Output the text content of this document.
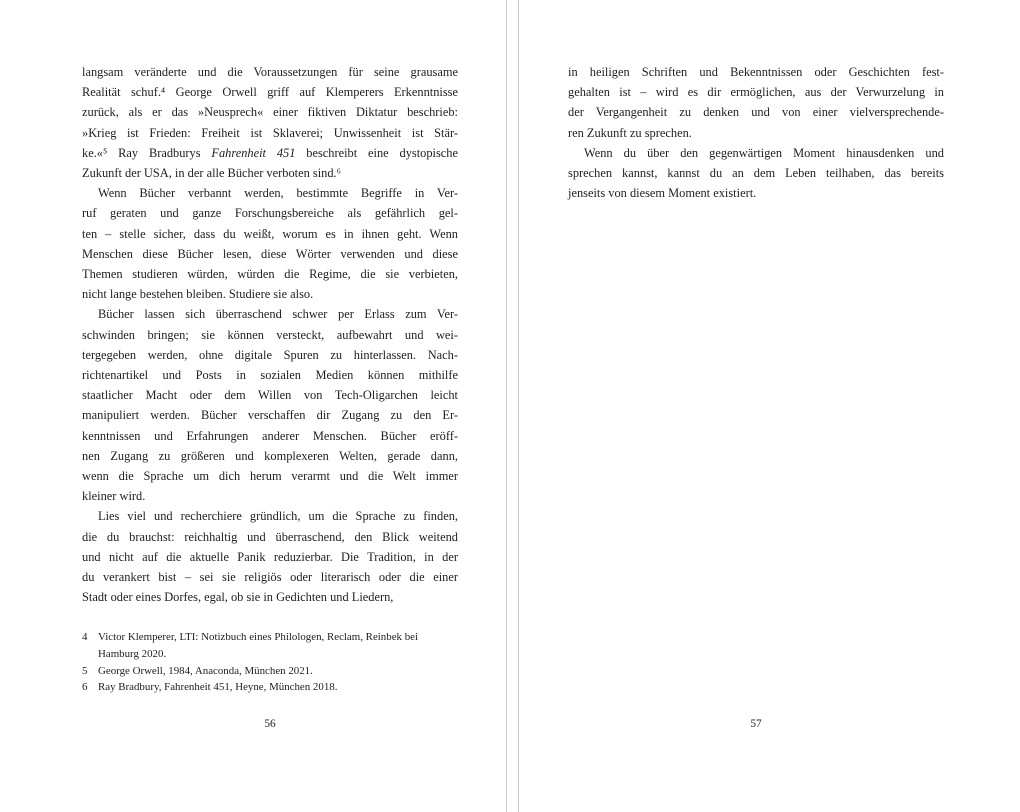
langsam veränderte und die Voraussetzungen für seine grausame
Realität schuf.⁴ George Orwell griff auf Klemperers Erkenntnisse
zurück, als er das »Neusprech« einer fiktiven Diktatur beschrieb:
»Krieg ist Frieden: Freiheit ist Sklaverei; Unwissenheit ist Stär-
ke.«⁵ Ray Bradburys Fahrenheit 451 beschreibt eine dystopische
Zukunft der USA, in der alle Bücher verboten sind.⁶
Wenn Bücher verbannt werden, bestimmte Begriffe in Ver-
ruf geraten und ganze Forschungsbereiche als gefährlich gel-
ten – stelle sicher, dass du weißt, worum es in ihnen geht. Wenn
Menschen diese Bücher lesen, diese Wörter verwenden und diese
Themen studieren würden, würden die Regime, die sie verbieten,
nicht lange bestehen bleiben. Studiere sie also.
Bücher lassen sich überraschend schwer per Erlass zum Ver-
schwinden bringen; sie können versteckt, aufbewahrt und wei-
tergegeben werden, ohne digitale Spuren zu hinterlassen. Nach-
richtenartikel und Posts in sozialen Medien können mithilfe
staatlicher Macht oder dem Willen von Tech-Oligarchen leicht
manipuliert werden. Bücher verschaffen dir Zugang zu den Er-
kenntnissen und Erfahrungen anderer Menschen. Bücher eröff-
nen Zugang zu größeren und komplexeren Welten, gerade dann,
wenn die Sprache um dich herum verarmt und die Welt immer
kleiner wird.
Lies viel und recherchiere gründlich, um die Sprache zu finden,
die du brauchst: reichhaltig und überraschend, den Blick weitend
und nicht auf die aktuelle Panik reduzierbar. Die Tradition, in der
du verankert bist – sei sie religiös oder literarisch oder die einer
Stadt oder eines Dorfes, egal, ob sie in Gedichten und Liedern,
4 Victor Klemperer, LTI: Notizbuch eines Philologen, Reclam, Reinbek bei
Hamburg 2020.
5 George Orwell, 1984, Anaconda, München 2021.
6 Ray Bradbury, Fahrenheit 451, Heyne, München 2018.
56
in heiligen Schriften und Bekenntnissen oder Geschichten fest-
gehalten ist – wird es dir ermöglichen, aus der Verwurzelung in
der Vergangenheit zu denken und von einer vielversprechende-
ren Zukunft zu sprechen.
Wenn du über den gegenwärtigen Moment hinausdenken und
sprechen kannst, kannst du an dem Leben teilhaben, das bereits
jenseits von diesem Moment existiert.
57
